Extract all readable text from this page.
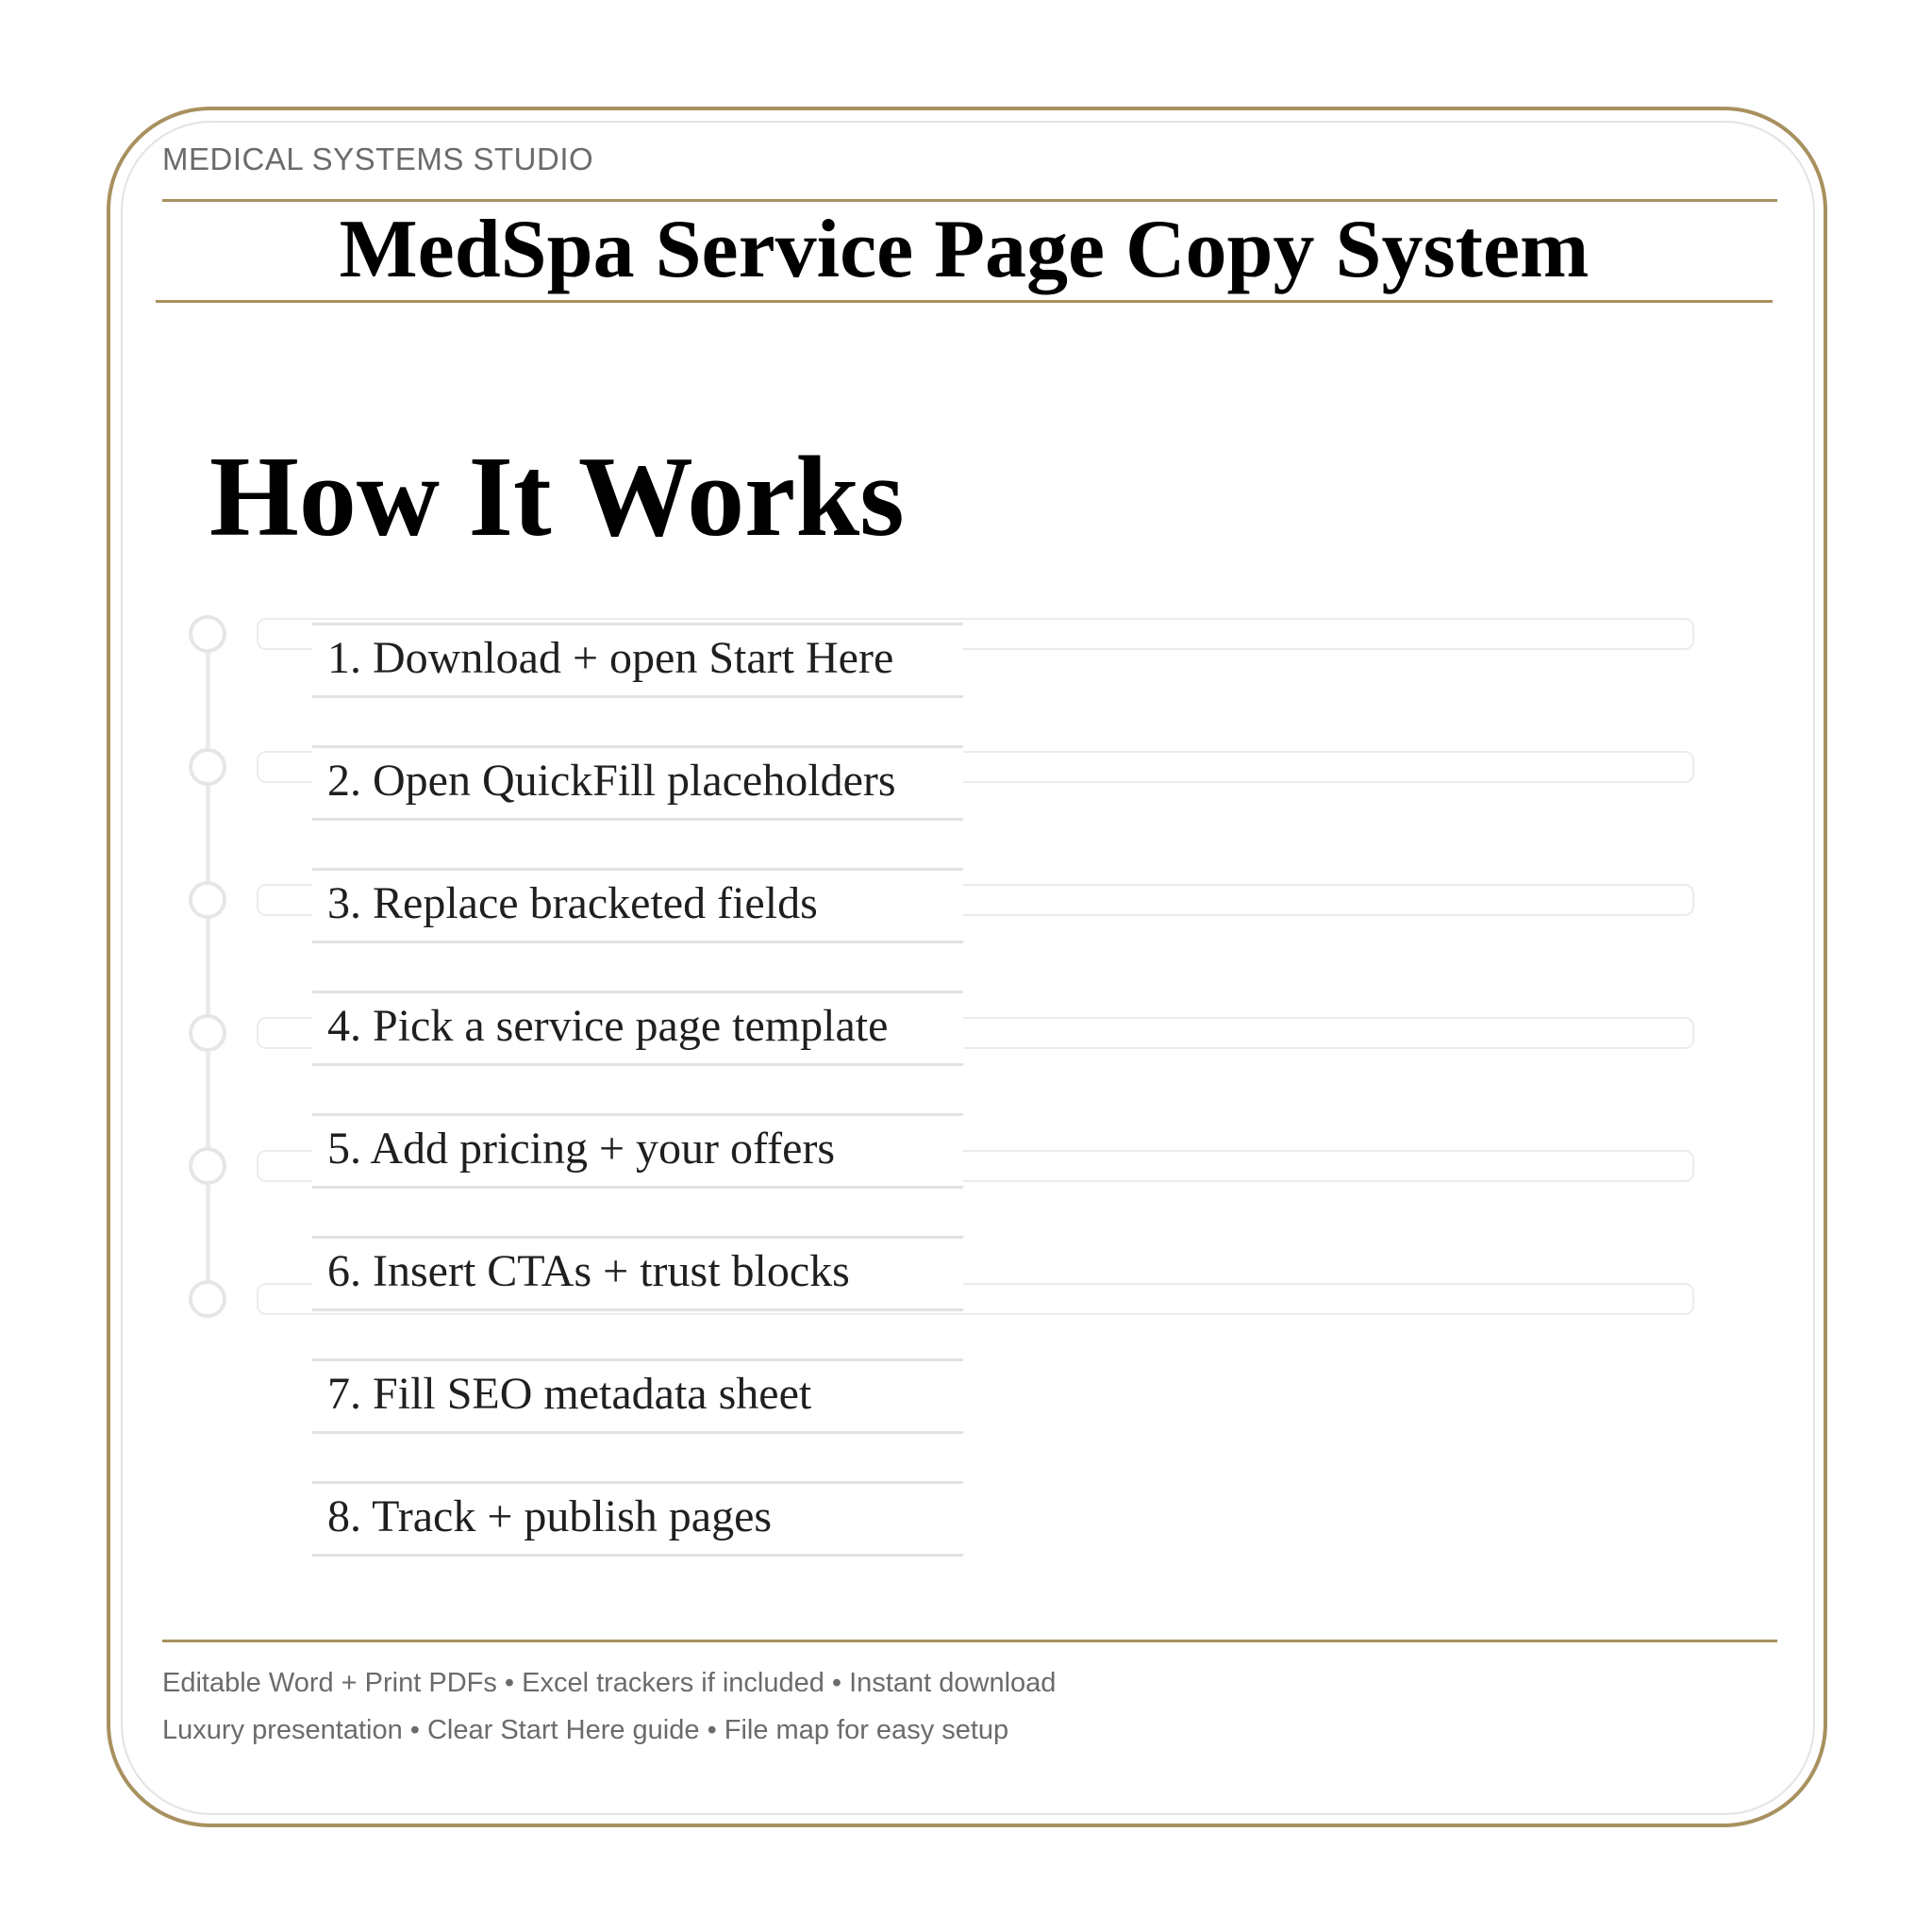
MEDICAL SYSTEMS STUDIO
MedSpa Service Page Copy System
How It Works
1. Download + open Start Here
2. Open QuickFill placeholders
3. Replace bracketed fields
4. Pick a service page template
5. Add pricing + your offers
6. Insert CTAs + trust blocks
7. Fill SEO metadata sheet
8. Track + publish pages
Editable Word + Print PDFs • Excel trackers if included • Instant download
Luxury presentation • Clear Start Here guide • File map for easy setup
